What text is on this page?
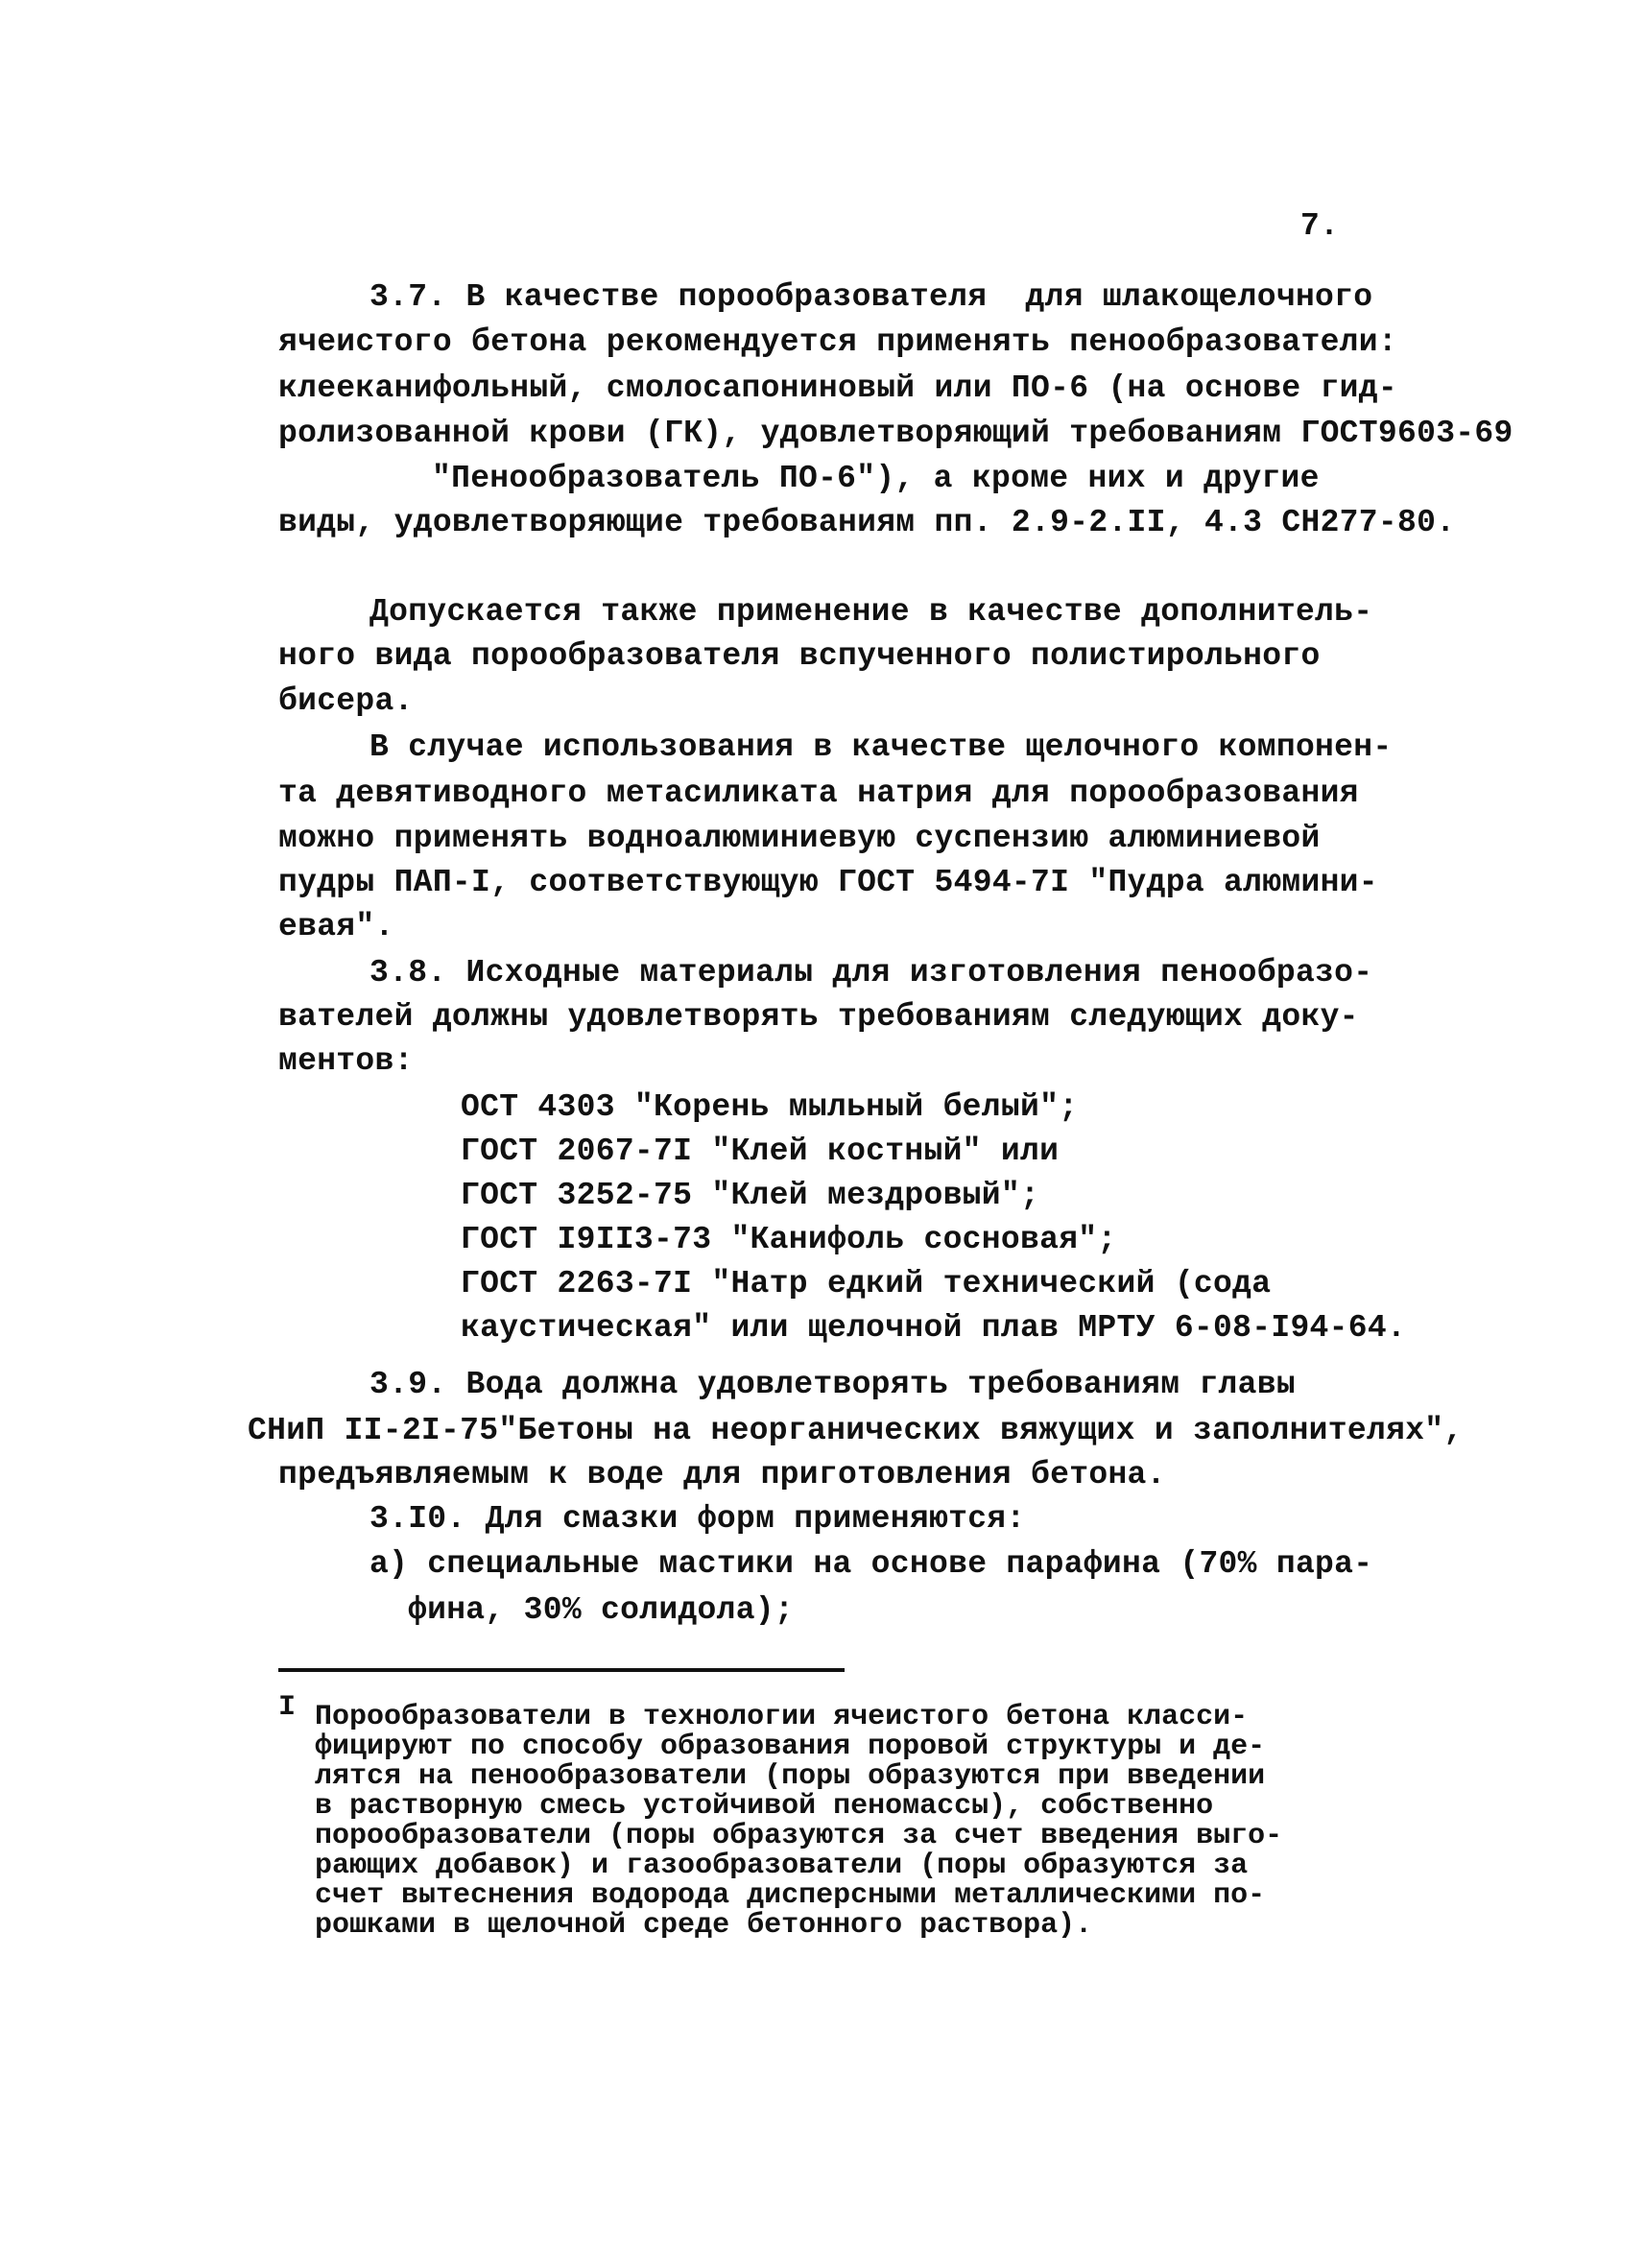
7.
3.7. В качестве порообразователя  для шлакощелочного
ячеистого бетона рекомендуется применять пенообразователи:
клееканифольный, смолосапониновый или ПО-6 (на основе гид-
ролизованной крови (ГК), удовлетворяющий требованиям ГОСТ9603-69
"Пенообразователь ПО-6"), а кроме них и другие
виды, удовлетворяющие требованиям пп. 2.9-2.II, 4.3 СН277-80.
Допускается также применение в качестве дополнитель-
ного вида порообразователя вспученного полистирольного
бисера.
В случае использования в качестве щелочного компонен-
та девятиводного метасиликата натрия для порообразования
можно применять водноалюминиевую суспензию алюминиевой
пудры ПАП-I, соответствующую ГОСТ 5494-7I "Пудра алюмини-
евая".
3.8. Исходные материалы для изготовления пенообразо-
вателей должны удовлетворять требованиям следующих доку-
ментов:
ОСТ 4303 "Корень мыльный белый";
ГОСТ 2067-7I "Клей костный" или
ГОСТ 3252-75 "Клей мездровый";
ГОСТ I9II3-73 "Канифоль сосновая";
ГОСТ 2263-7I "Натр едкий технический (сода
каустическая" или щелочной плав МРТУ 6-08-I94-64.
3.9. Вода должна удовлетворять требованиям главы
СНиП II-2I-75"Бетоны на неорганических вяжущих и заполнителях",
предъявляемым к воде для приготовления бетона.
3.I0. Для смазки форм применяются:
а) специальные мастики на основе парафина (70% пара-
фина, 30% солидола);
I Порообразователи в технологии ячеистого бетона класси-
фицируют по способу образования поровой структуры и де-
лятся на пенообразователи (поры образуются при введении
в растворную смесь устойчивой пеномассы), собственно
порообразователи (поры образуются за счет введения выго-
рающих добавок) и газообразователи (поры образуются за
счет вытеснения водорода дисперсными металлическими по-
рошками в щелочной среде бетонного раствора).
